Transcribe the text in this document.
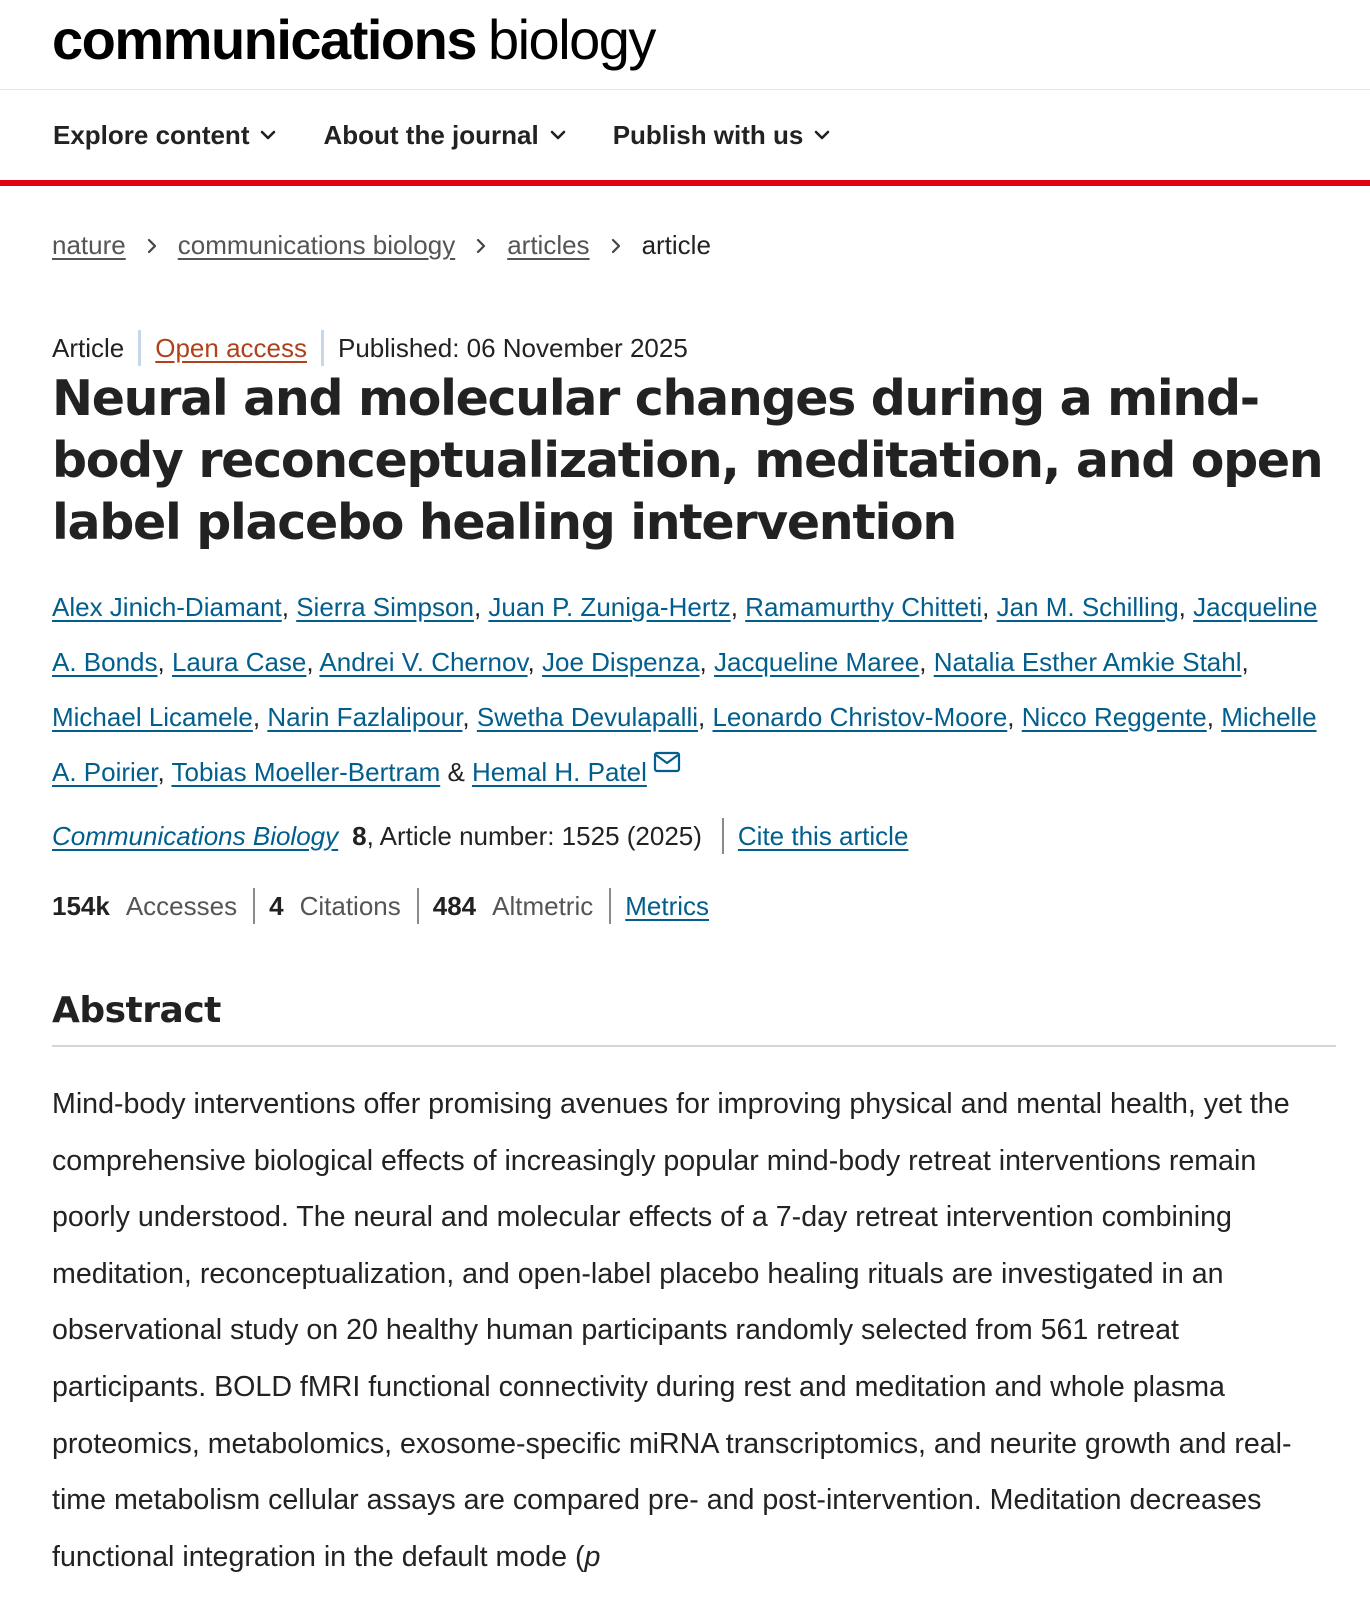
communications biology
Explore content	About the journal	Publish with us
nature communications biology articles article
Article Open access Published: 06 November 2025
Neural and molecular changes during a mind-body reconceptualization, meditation, and open label placebo healing intervention
Alex Jinich-Diamant, Sierra Simpson, Juan P. Zuniga-Hertz, Ramamurthy Chitteti, Jan M. Schilling, Jacqueline A. Bonds, Laura Case, Andrei V. Chernov, Joe Dispenza, Jacqueline Maree, Natalia Esther Amkie Stahl, Michael Licamele, Narin Fazlalipour, Swetha Devulapalli, Leonardo Christov-Moore, Nicco Reggente, Michelle A. Poirier, Tobias Moeller-Bertram & Hemal H. Patel
Communications Biology 8 , Article number: 1525 (2025) Cite this article
154k Accesses 4 Citations 484 Altmetric Metrics
Abstract

Mind-body interventions offer promising avenues for improving physical and mental health, yet the comprehensive biological effects of increasingly popular mind-body retreat interventions remain poorly understood. The neural and molecular effects of a 7-day retreat intervention combining meditation, reconceptualization, and open-label placebo healing rituals are investigated in an observational study on 20 healthy human participants randomly selected from 561 retreat participants. BOLD fMRI functional connectivity during rest and meditation and whole plasma proteomics, metabolomics, exosome-specific miRNA transcriptomics, and neurite growth and real-time metabolism cellular assays are compared pre- and post-intervention. Meditation decreases functional integration in the default mode (p
